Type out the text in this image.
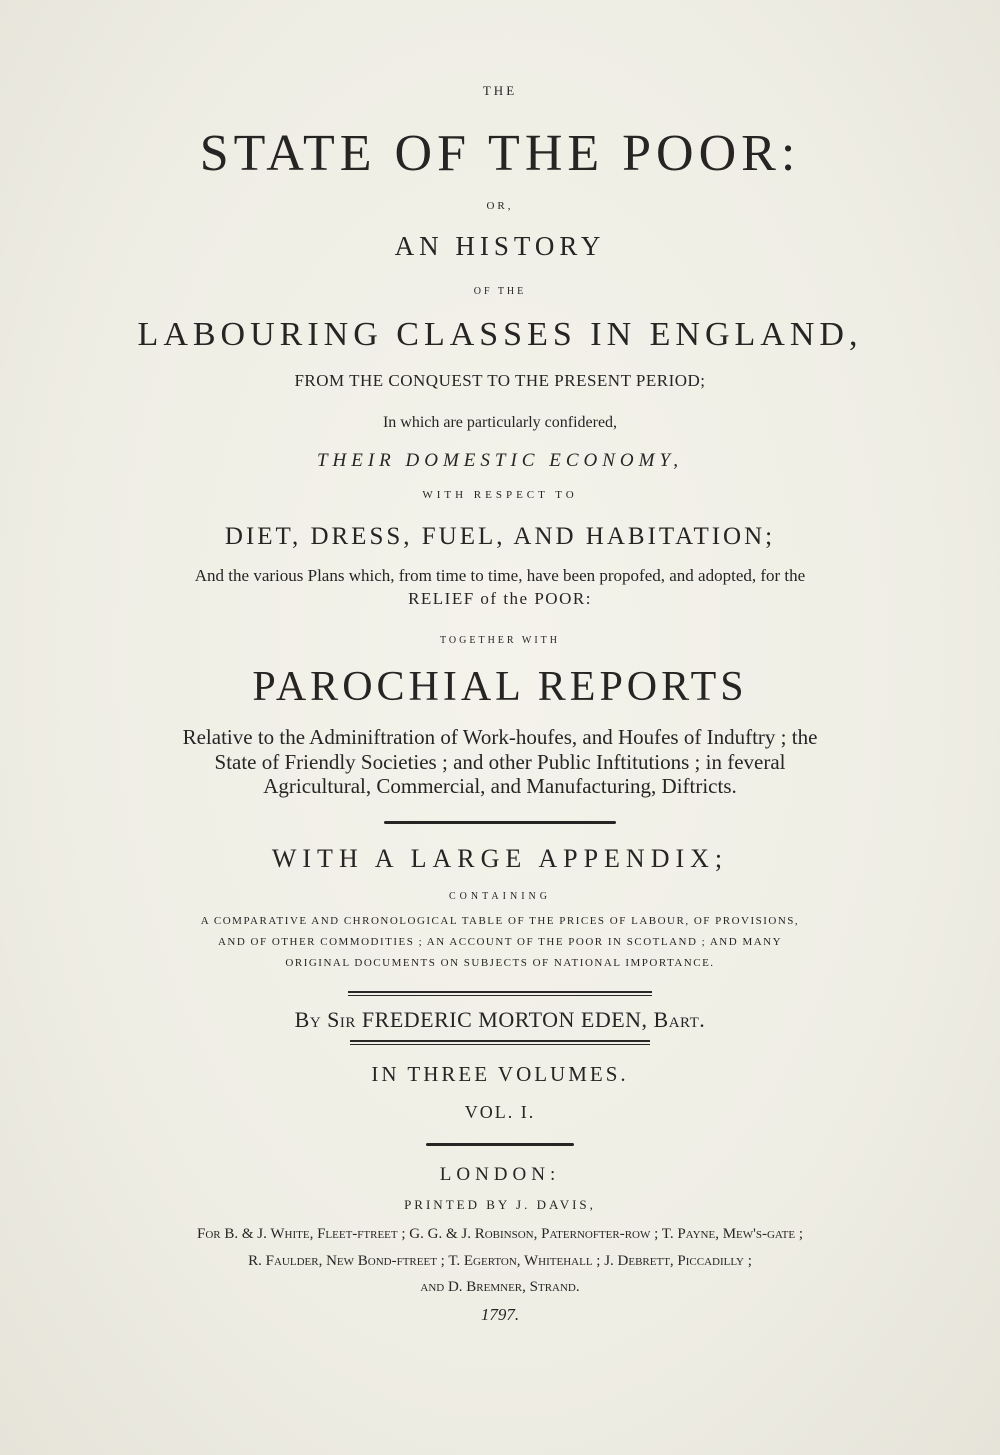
THE
STATE OF THE POOR:
OR,
AN HISTORY
OF THE
LABOURING CLASSES IN ENGLAND,
FROM THE CONQUEST TO THE PRESENT PERIOD;
In which are particularly confidered,
THEIR DOMESTIC ECONOMY,
WITH RESPECT TO
DIET, DRESS, FUEL, AND HABITATION;
And the various Plans which, from time to time, have been propofed, and adopted, for the
RELIEF of the POOR:
TOGETHER WITH
PAROCHIAL REPORTS
Relative to the Adminiftration of Work-houfes, and Houfes of Induftry ; the
State of Friendly Societies ; and other Public Inftitutions ; in feveral
Agricultural, Commercial, and Manufacturing, Diftricts.
WITH A LARGE APPENDIX;
CONTAINING
A COMPARATIVE AND CHRONOLOGICAL TABLE OF THE PRICES OF LABOUR, OF PROVISIONS,
AND OF OTHER COMMODITIES ; AN ACCOUNT OF THE POOR IN SCOTLAND ; AND MANY
ORIGINAL DOCUMENTS ON SUBJECTS OF NATIONAL IMPORTANCE.
By Sir FREDERIC MORTON EDEN, Bart.
IN THREE VOLUMES.
VOL. I.
LONDON:
PRINTED BY J. DAVIS,
For B. & J. White, Fleet-ftreet ; G. G. & J. Robinson, Paternofter-row ; T. Payne, Mew's-gate ;
R. Faulder, New Bond-ftreet ; T. Egerton, Whitehall ; J. Debrett, Piccadilly ;
and D. Bremner, Strand.
1797.
